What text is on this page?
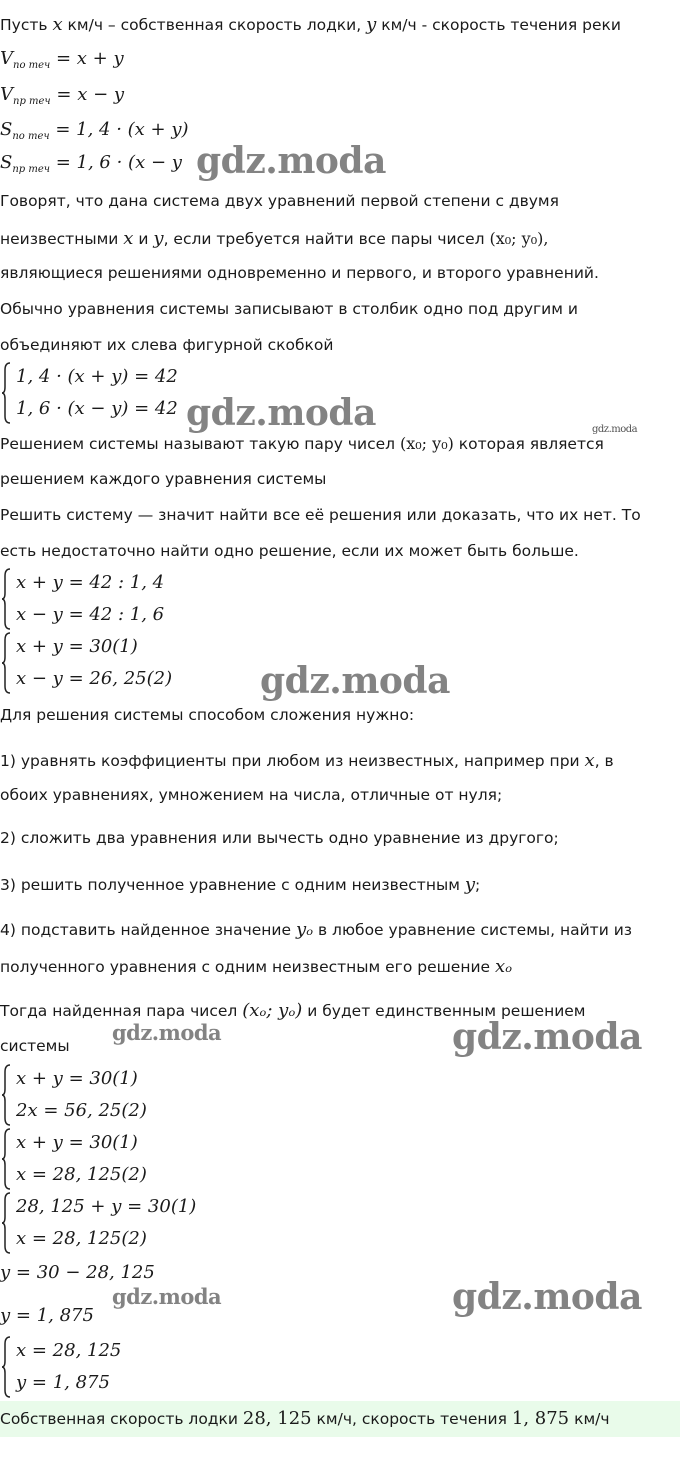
Пусть x км/ч – собственная скорость лодки, y км/ч - скорость течения реки
$V_{по теч} = x + y$
$V_{пр теч} = x - y$
$S_{по теч} = 1$, 4 · (x + y)
$S_{пр теч} = 1$, 6 · (x − y gdz.moda
Говорят, что дана система двух уравнений первой степени с двумя
неизвестными x и y, если требуется найти все пары чисел (x₀; y₀),
являющиеся решениями одновременно и первого, и второго уравнений.
Обычно уравнения системы записывают в столбик одно под другим и
объединяют их слева фигурной скобкой
1, 4 · (x + y) = 42
1, 6 · (x − y) = 42 gdz.moda	gdz.moda
Решением системы называют такую пару чисел (x₀; y₀) которая является
решением каждого уравнения системы
Решить систему — значит найти все её решения или доказать, что их нет. То
есть недостаточно найти одно решение, если их может быть больше.
x + y = 42 : 1, 4
x − y = 42 : 1, 6
x + y = 30(1)
x − y = 26, 25(2) gdz.moda
Для решения системы способом сложения нужно:
1) уравнять коэффициенты при любом из неизвестных, например при x, в
обоих уравнениях, умножением на числа, отличные от нуля;
2) сложить два уравнения или вычесть одно уравнение из другого;
3) решить полученное уравнение с одним неизвестным y;
4) подставить найденное значение yₒ в любое уравнение системы, найти из
полученного уравнения с одним неизвестным его решение xₒ
Тогда найденная пара чисел (xₒ; yₒ) и будет единственным решением
системы
gdz.moda	gdz.moda
x + y = 30(1)
2x = 56, 25(2)
x + y = 30(1)
x = 28, 125(2)
28, 125 + y = 30(1)
x = 28, 125(2)
y = 30 − 28, 125
y = 1, 875
gdz.moda	gdz.moda
x = 28, 125
y = 1, 875
Собственная скорость лодки 28, 125 км/ч, скорость течения 1, 875 км/ч
